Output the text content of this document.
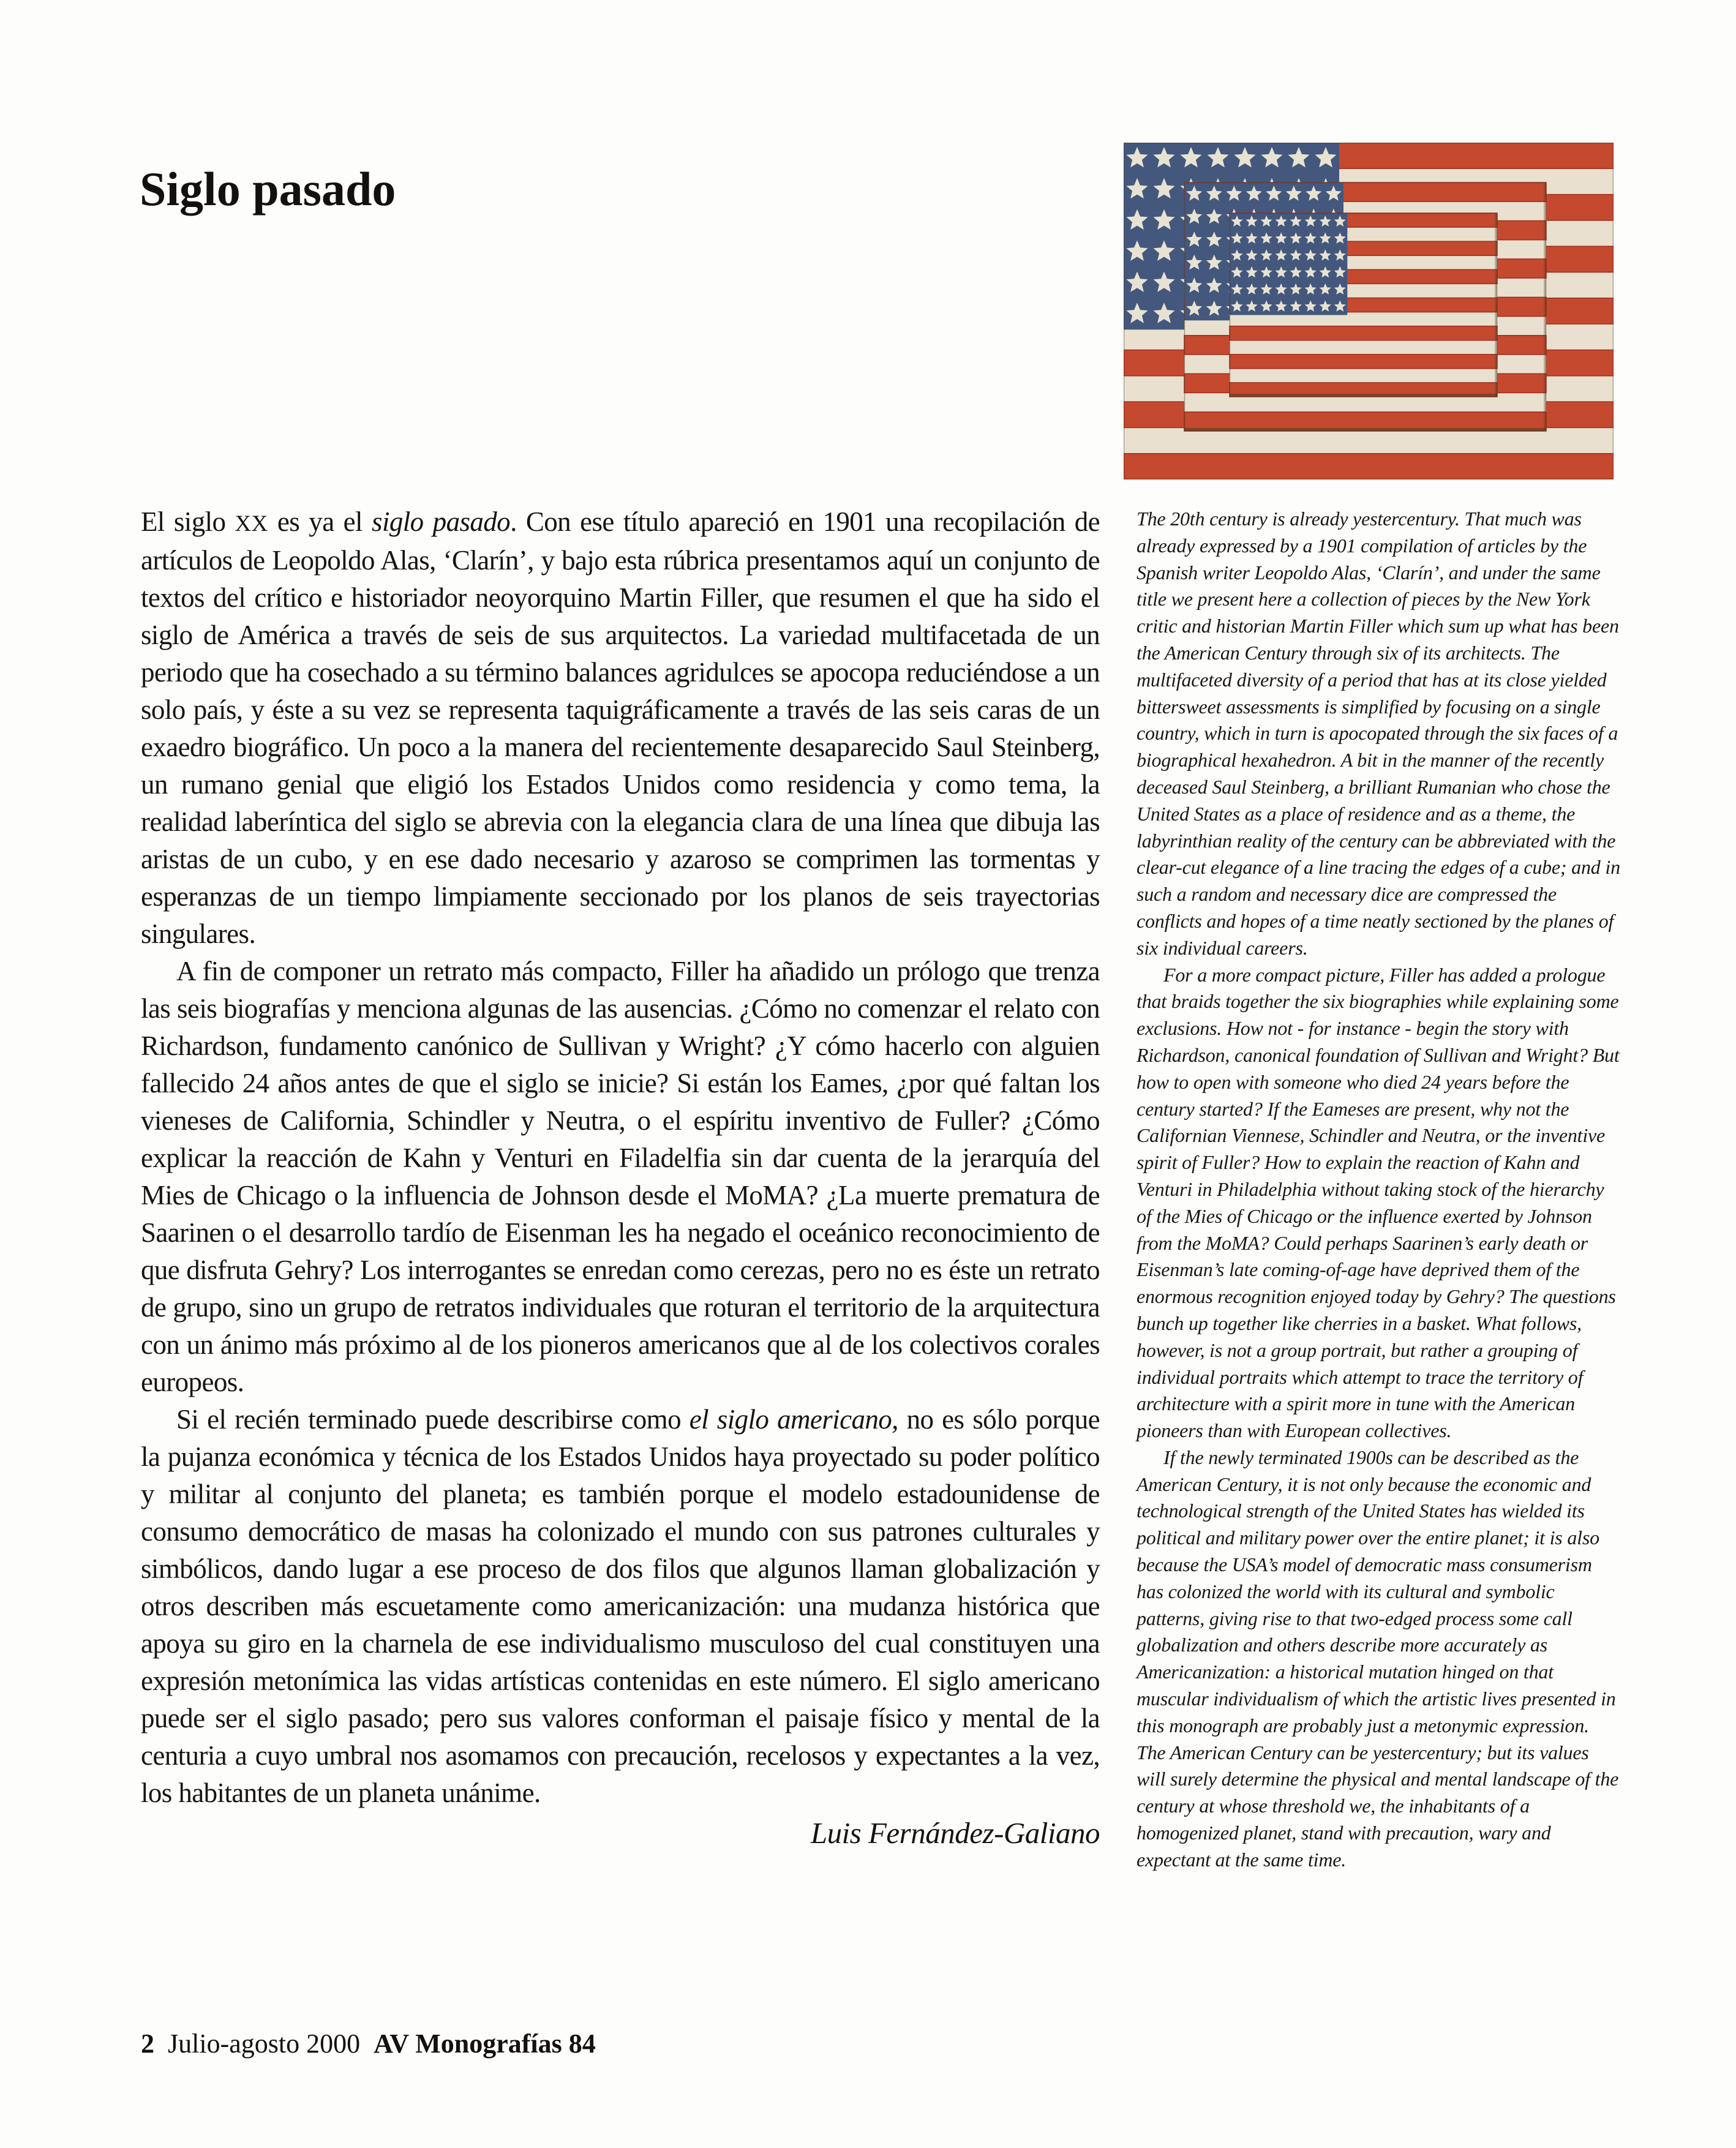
Siglo pasado
El siglo XX es ya el siglo pasado. Con ese título apareció en 1901 una recopilación de artículos de Leopoldo Alas, ‘Clarín’, y bajo esta rúbrica presentamos aquí un conjunto de textos del crítico e historiador neoyorquino Martin Filler, que resumen el que ha sido el siglo de América a través de seis de sus arquitectos. La variedad multifacetada de un periodo que ha cosechado a su término balances agridulces se apocopa reduciéndose a un solo país, y éste a su vez se representa taquigráficamente a través de las seis caras de un exaedro biográfico. Un poco a la manera del recientemente desaparecido Saul Steinberg, un rumano genial que eligió los Estados Unidos como residencia y como tema, la realidad laberíntica del siglo se abrevia con la elegancia clara de una línea que dibuja las aristas de un cubo, y en ese dado necesario y azaroso se comprimen las tormentas y esperanzas de un tiempo limpiamente seccionado por los planos de seis trayectorias singulares.
A fin de componer un retrato más compacto, Filler ha añadido un prólogo que trenza las seis biografías y menciona algunas de las ausencias. ¿Cómo no comenzar el relato con Richardson, fundamento canónico de Sullivan y Wright? ¿Y cómo hacerlo con alguien fallecido 24 años antes de que el siglo se inicie? Si están los Eames, ¿por qué faltan los vieneses de California, Schindler y Neutra, o el espíritu inventivo de Fuller? ¿Cómo explicar la reacción de Kahn y Venturi en Filadelfia sin dar cuenta de la jerarquía del Mies de Chicago o la influencia de Johnson desde el MoMA? ¿La muerte prematura de Saarinen o el desarrollo tardío de Eisenman les ha negado el oceánico reconocimiento de que disfruta Gehry? Los interrogantes se enredan como cerezas, pero no es éste un retrato de grupo, sino un grupo de retratos individuales que roturan el territorio de la arquitectura con un ánimo más próximo al de los pioneros americanos que al de los colectivos corales europeos.
Si el recién terminado puede describirse como el siglo americano, no es sólo porque la pujanza económica y técnica de los Estados Unidos haya proyectado su poder político y militar al conjunto del planeta; es también porque el modelo estadounidense de consumo democrático de masas ha colonizado el mundo con sus patrones culturales y simbólicos, dando lugar a ese proceso de dos filos que algunos llaman globalización y otros describen más escuetamente como americanización: una mudanza histórica que apoya su giro en la charnela de ese individualismo musculoso del cual constituyen una expresión metonímica las vidas artísticas contenidas en este número. El siglo americano puede ser el siglo pasado; pero sus valores conforman el paisaje físico y mental de la centuria a cuyo umbral nos asomamos con precaución, recelosos y expectantes a la vez, los habitantes de un planeta unánime.
Luis Fernández-Galiano
The 20th century is already yestercentury. That much was already expressed by a 1901 compilation of articles by the Spanish writer Leopoldo Alas, ‘Clarín’, and under the same title we present here a collection of pieces by the New York critic and historian Martin Filler which sum up what has been the American Century through six of its architects. The multifaceted diversity of a period that has at its close yielded bittersweet assessments is simplified by focusing on a single country, which in turn is apocopated through the six faces of a biographical hexahedron. A bit in the manner of the recently deceased Saul Steinberg, a brilliant Rumanian who chose the United States as a place of residence and as a theme, the labyrinthian reality of the century can be abbreviated with the clear-cut elegance of a line tracing the edges of a cube; and in such a random and necessary dice are compressed the conflicts and hopes of a time neatly sectioned by the planes of six individual careers.
For a more compact picture, Filler has added a prologue that braids together the six biographies while explaining some exclusions. How not - for instance - begin the story with Richardson, canonical foundation of Sullivan and Wright? But how to open with someone who died 24 years before the century started? If the Eameses are present, why not the Californian Viennese, Schindler and Neutra, or the inventive spirit of Fuller? How to explain the reaction of Kahn and Venturi in Philadelphia without taking stock of the hierarchy of the Mies of Chicago or the influence exerted by Johnson from the MoMA? Could perhaps Saarinen’s early death or Eisenman’s late coming-of-age have deprived them of the enormous recognition enjoyed today by Gehry? The questions bunch up together like cherries in a basket. What follows, however, is not a group portrait, but rather a grouping of individual portraits which attempt to trace the territory of architecture with a spirit more in tune with the American pioneers than with European collectives.
If the newly terminated 1900s can be described as the American Century, it is not only because the economic and technological strength of the United States has wielded its political and military power over the entire planet; it is also because the USA’s model of democratic mass consumerism has colonized the world with its cultural and symbolic patterns, giving rise to that two-edged process some call globalization and others describe more accurately as Americanization: a historical mutation hinged on that muscular individualism of which the artistic lives presented in this monograph are probably just a metonymic expression. The American Century can be yestercentury; but its values will surely determine the physical and mental landscape of the century at whose threshold we, the inhabitants of a homogenized planet, stand with precaution, wary and expectant at the same time.
2 Julio-agosto 2000 AV Monografías 84
